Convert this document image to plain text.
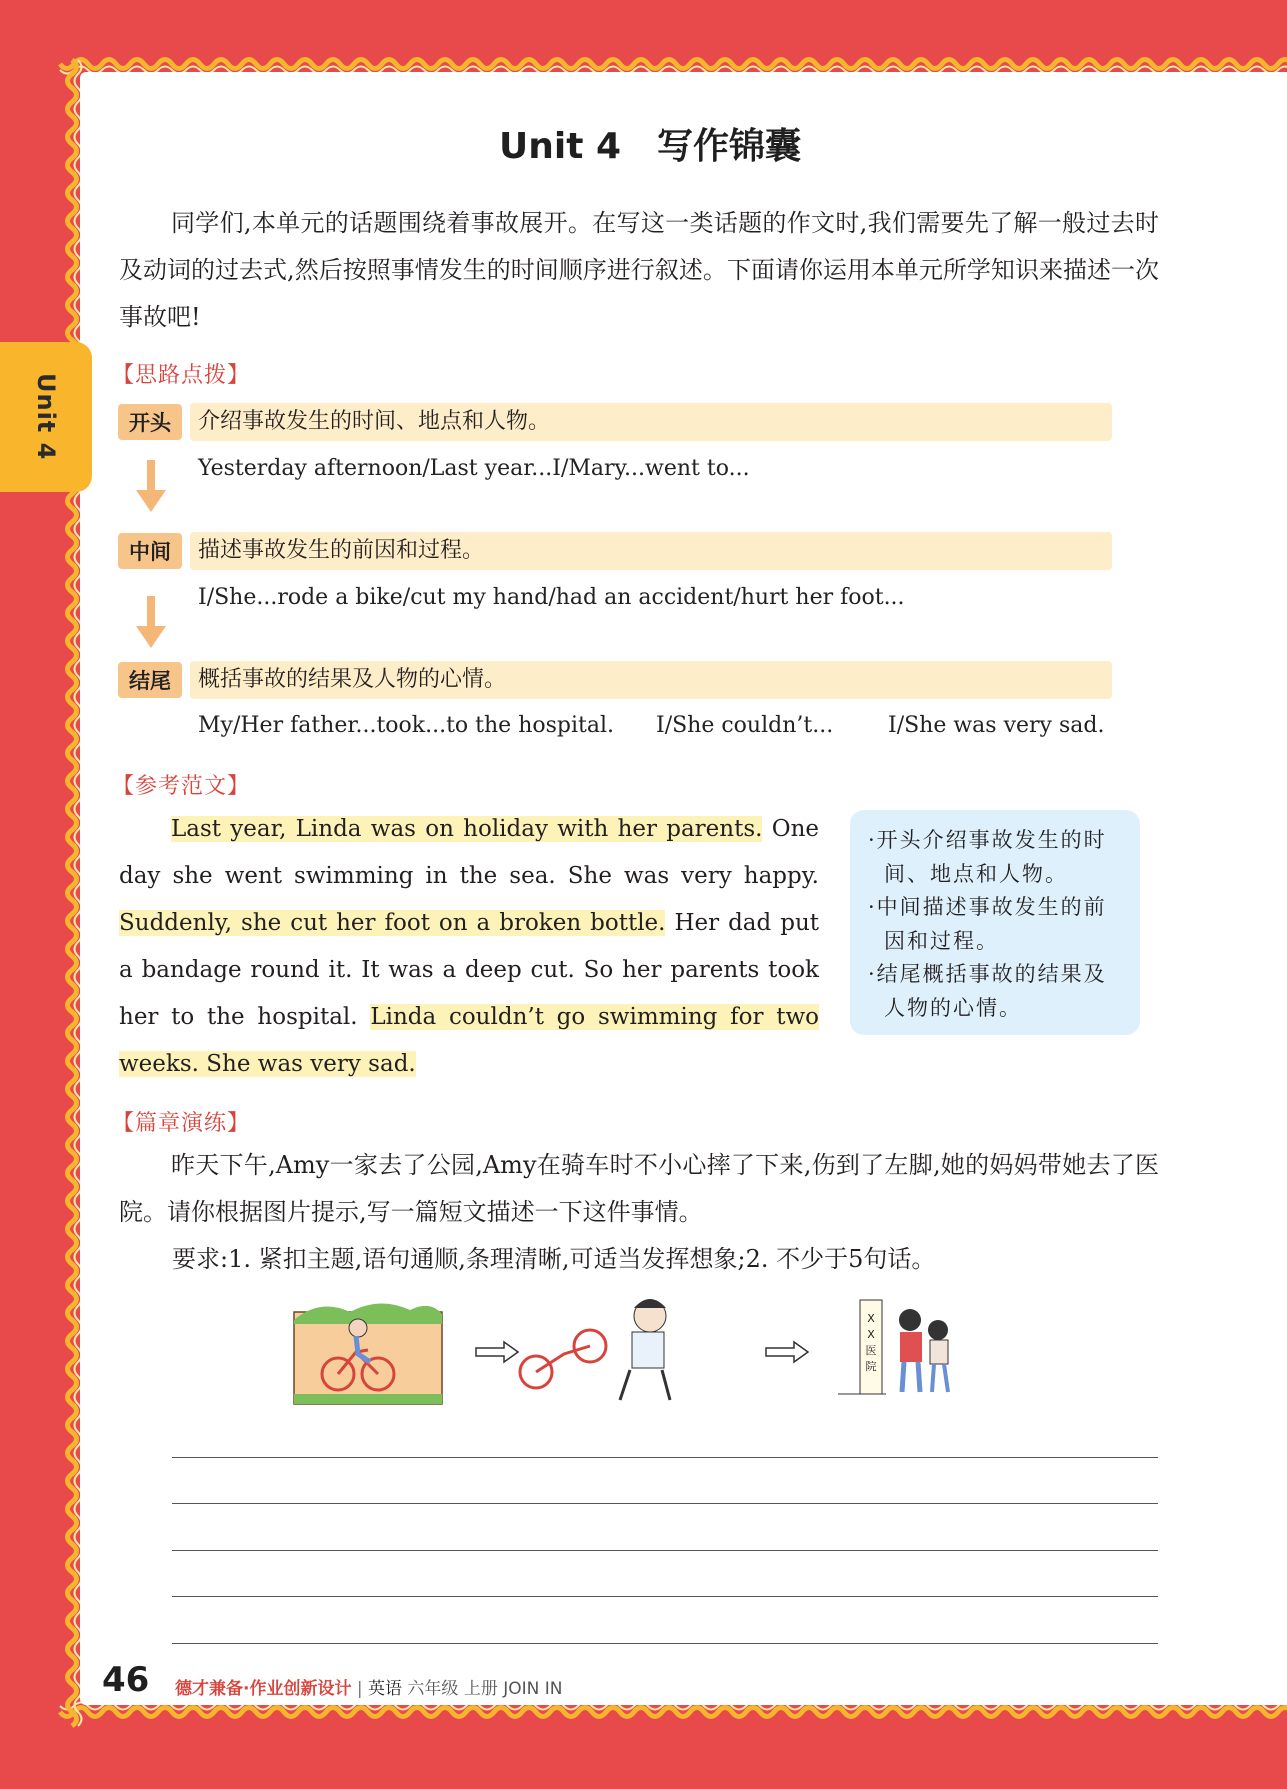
Unit 4
Unit 4　写作锦囊
同学们,本单元的话题围绕着事故展开。在写这一类话题的作文时,我们需要先了解一般过去时及动词的过去式,然后按照事情发生的时间顺序进行叙述。下面请你运用本单元所学知识来描述一次事故吧!
【思路点拨】
开头	介绍事故发生的时间、地点和人物。
Yesterday afternoon/Last year...I/Mary...went to...
中间	描述事故发生的前因和过程。
I/She...rode a bike/cut my hand/had an accident/hurt her foot...
结尾	概括事故的结果及人物的心情。
My/Her father...took...to the hospital. I/She couldn’t... I/She was very sad.
【参考范文】
Last year, Linda was on holiday with her parents. One day she went swimming in the sea. She was very happy. Suddenly, she cut her foot on a broken bottle. Her dad put a bandage round it. It was a deep cut. So her parents took her to the hospital. Linda couldn’t go swimming for two weeks. She was very sad.
·开头介绍事故发生的时间、地点和人物。
·中间描述事故发生的前因和过程。
·结尾概括事故的结果及人物的心情。
【篇章演练】
昨天下午,Amy一家去了公园,Amy在骑车时不小心摔了下来,伤到了左脚,她的妈妈带她去了医院。请你根据图片提示,写一篇短文描述一下这件事情。
要求:1. 紧扣主题,语句通顺,条理清晰,可适当发挥想象;2. 不少于5句话。
X
X
医
院
46 德才兼备·作业创新设计 | 英语 六年级 上册 JOIN IN
